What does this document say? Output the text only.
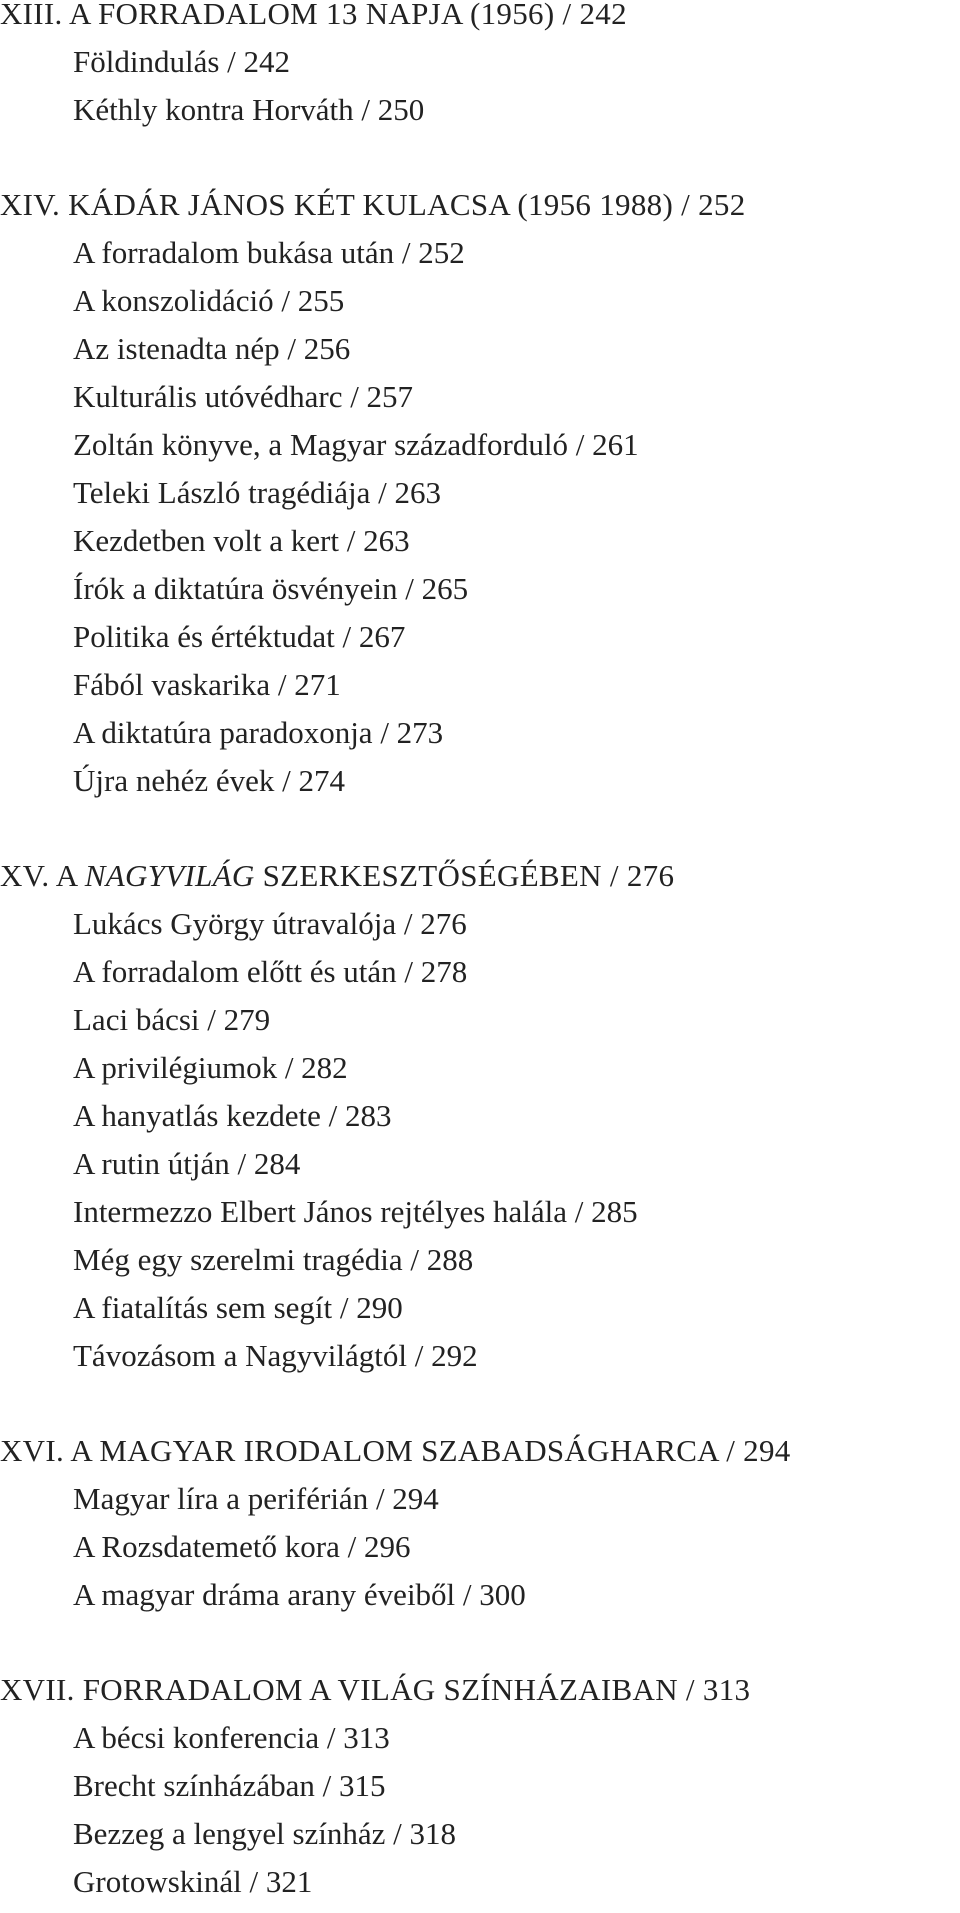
XIII. A FORRADALOM 13 NAPJA (1956) / 242
Földindulás / 242
Kéthly kontra Horváth / 250
XIV. KÁDÁR JÁNOS KÉT KULACSA (1956 1988) / 252
A forradalom bukása után / 252
A konszolidáció / 255
Az istenadta nép / 256
Kulturális utóvédharc / 257
Zoltán könyve, a Magyar századforduló / 261
Teleki László tragédiája / 263
Kezdetben volt a kert / 263
Írók a diktatúra ösvényein / 265
Politika és értéktudat / 267
Fából vaskarika / 271
A diktatúra paradoxonja / 273
Újra nehéz évek / 274
XV. A NAGYVILÁG SZERKESZTŐSÉGÉBEN / 276
Lukács György útravalója / 276
A forradalom előtt és után / 278
Laci bácsi / 279
A privilégiumok / 282
A hanyatlás kezdete / 283
A rutin útján / 284
Intermezzo Elbert János rejtélyes halála / 285
Még egy szerelmi tragédia / 288
A fiatalítás sem segít / 290
Távozásom a Nagyvilágtól / 292
XVI. A MAGYAR IRODALOM SZABADSÁGHARCA / 294
Magyar líra a periférián / 294
A Rozsdatemető kora / 296
A magyar dráma arany éveiből / 300
XVII. FORRADALOM A VILÁG SZÍNHÁZAIBAN / 313
A bécsi konferencia / 313
Brecht színházában / 315
Bezzeg a lengyel színház / 318
Grotowskinál / 321
